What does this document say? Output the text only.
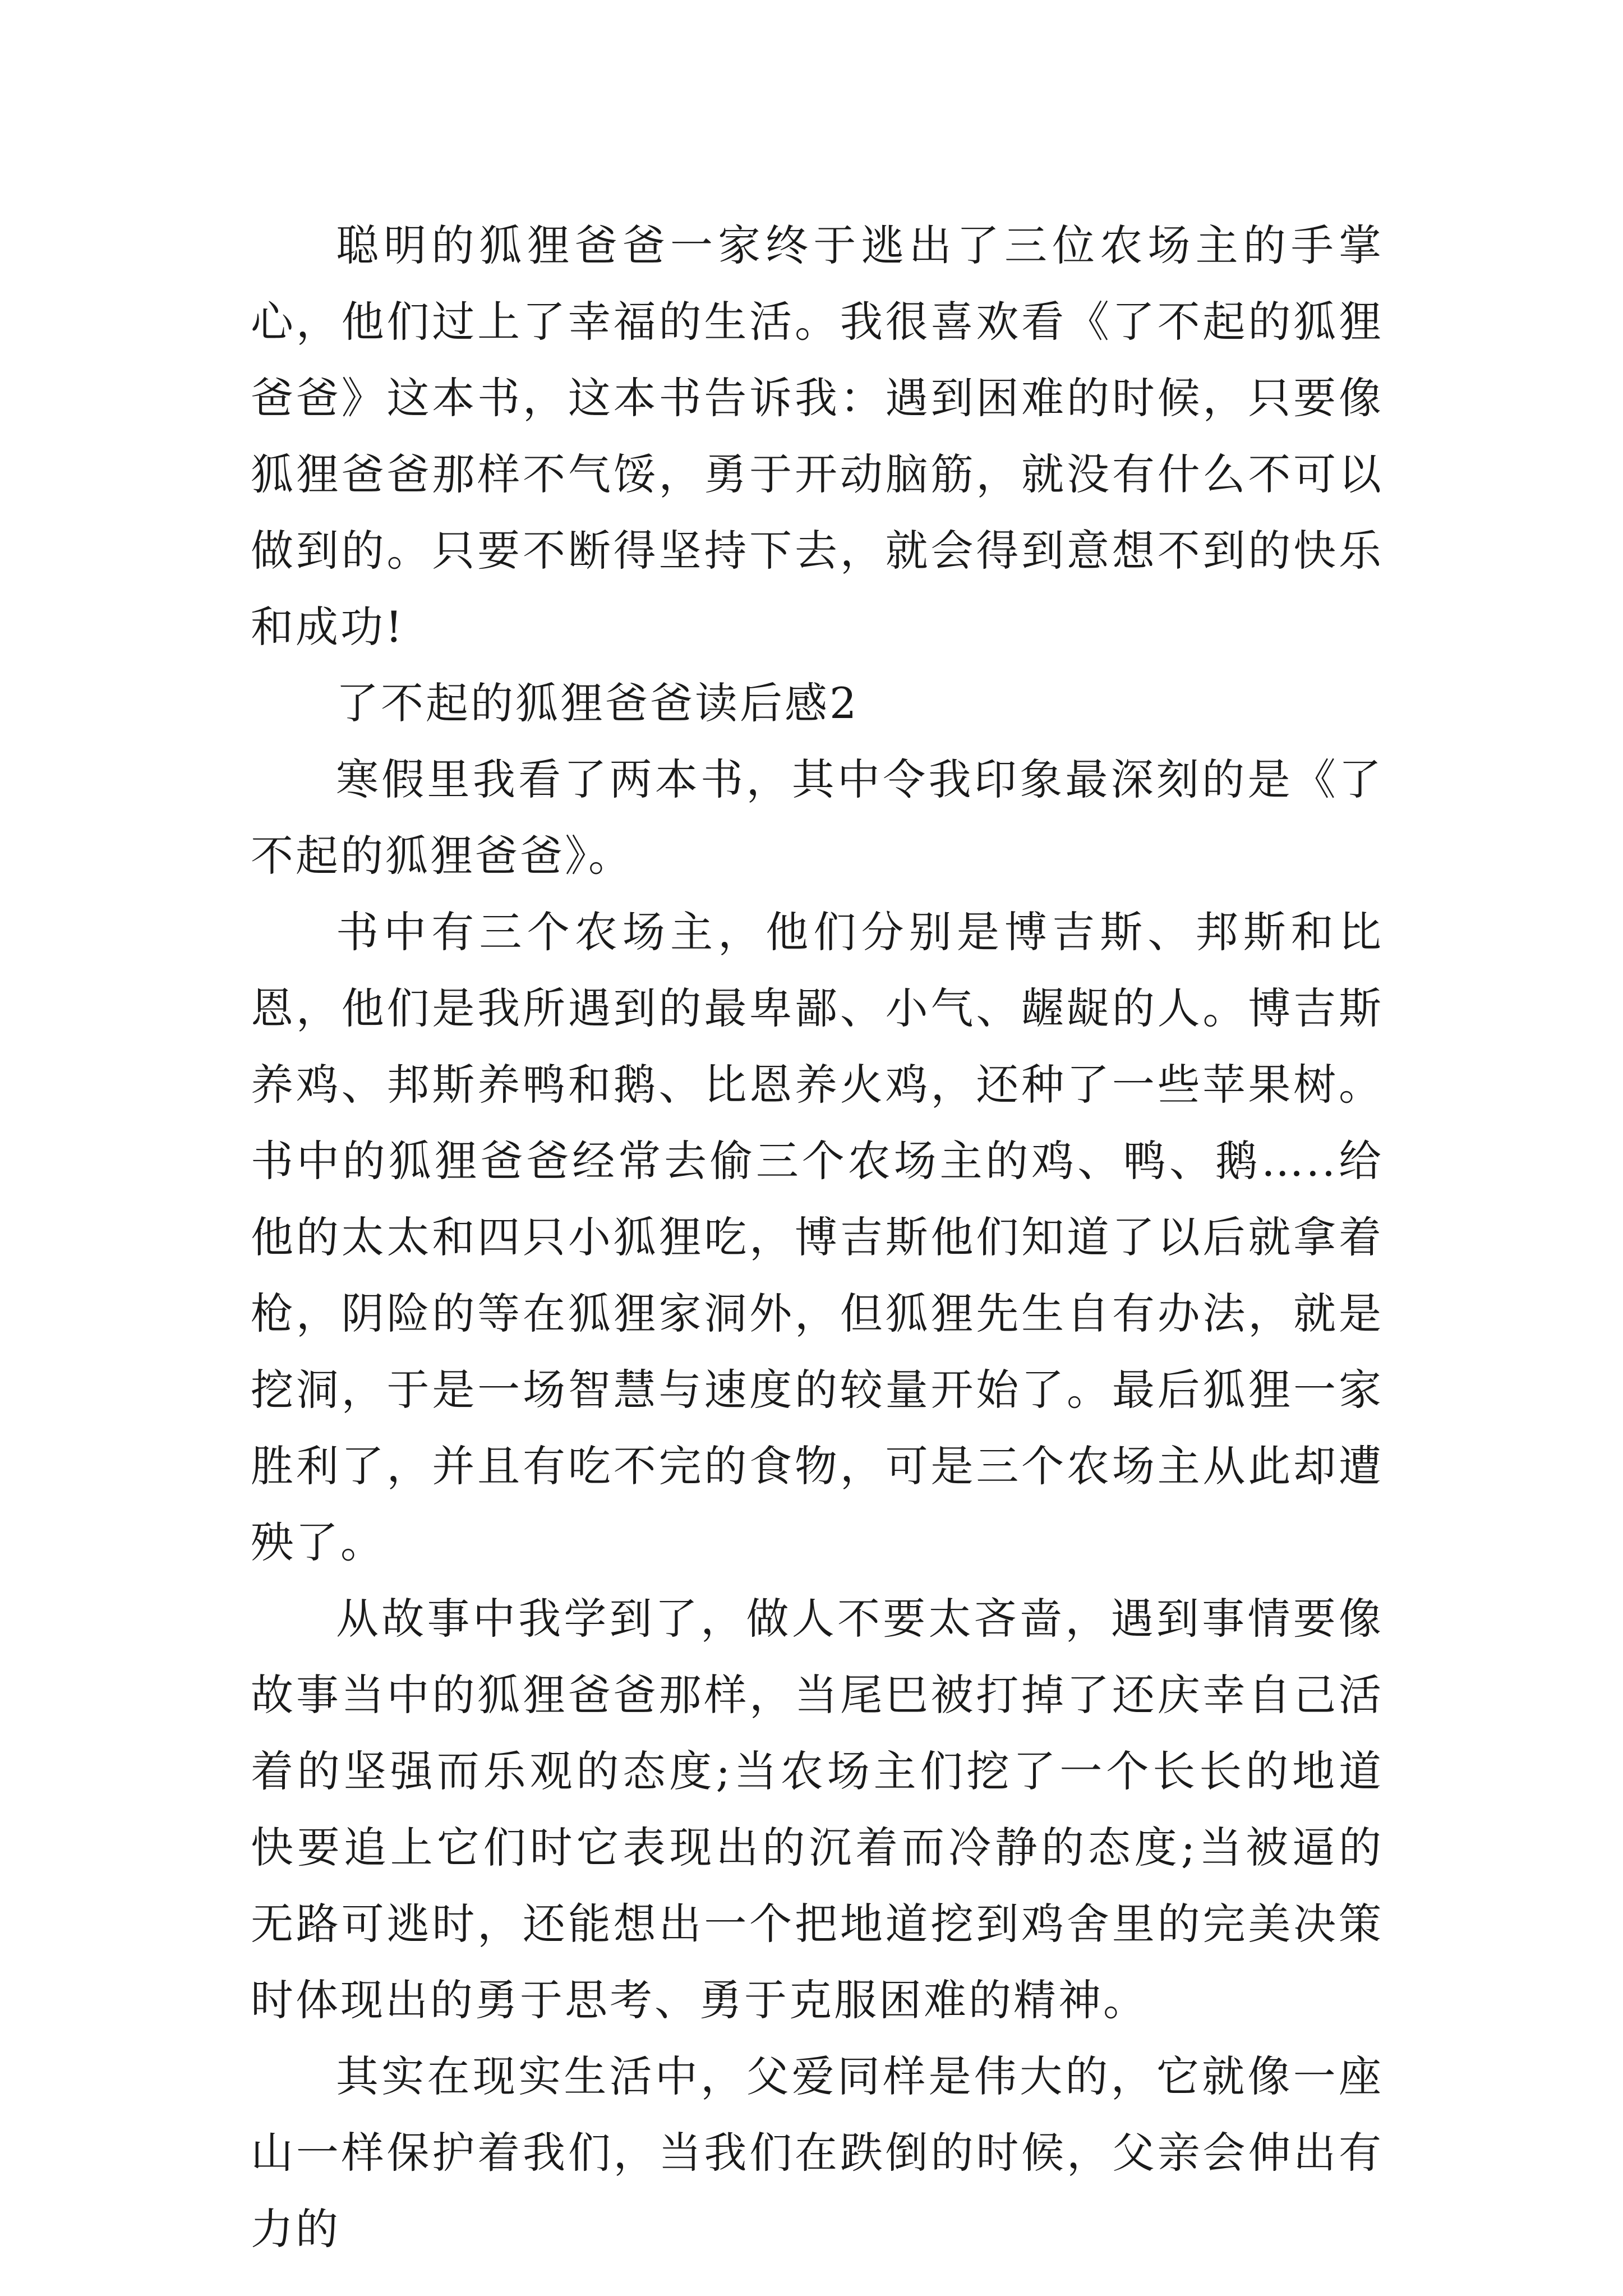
聪明的狐狸爸爸一家终于逃出了三位农场主的手掌心，他们过上了幸福的生活。我很喜欢看《了不起的狐狸爸爸》这本书，这本书告诉我：遇到困难的时候，只要像狐狸爸爸那样不气馁，勇于开动脑筋，就没有什么不可以做到的。只要不断得坚持下去，就会得到意想不到的快乐和成功!

了不起的狐狸爸爸读后感2

寒假里我看了两本书，其中令我印象最深刻的是《了不起的狐狸爸爸》。

书中有三个农场主，他们分别是博吉斯、邦斯和比恩，他们是我所遇到的最卑鄙、小气、龌龊的人。博吉斯养鸡、邦斯养鸭和鹅、比恩养火鸡，还种了一些苹果树。书中的狐狸爸爸经常去偷三个农场主的鸡、鸭、鹅…..给他的太太和四只小狐狸吃，博吉斯他们知道了以后就拿着枪，阴险的等在狐狸家洞外，但狐狸先生自有办法，就是挖洞，于是一场智慧与速度的较量开始了。最后狐狸一家胜利了，并且有吃不完的食物，可是三个农场主从此却遭殃了。

从故事中我学到了，做人不要太吝啬，遇到事情要像故事当中的狐狸爸爸那样，当尾巴被打掉了还庆幸自己活着的坚强而乐观的态度;当农场主们挖了一个长长的地道快要追上它们时它表现出的沉着而冷静的态度;当被逼的无路可逃时，还能想出一个把地道挖到鸡舍里的完美决策时体现出的勇于思考、勇于克服困难的精神。

其实在现实生活中，父爱同样是伟大的，它就像一座山一样保护着我们，当我们在跌倒的时候，父亲会伸出有力的
